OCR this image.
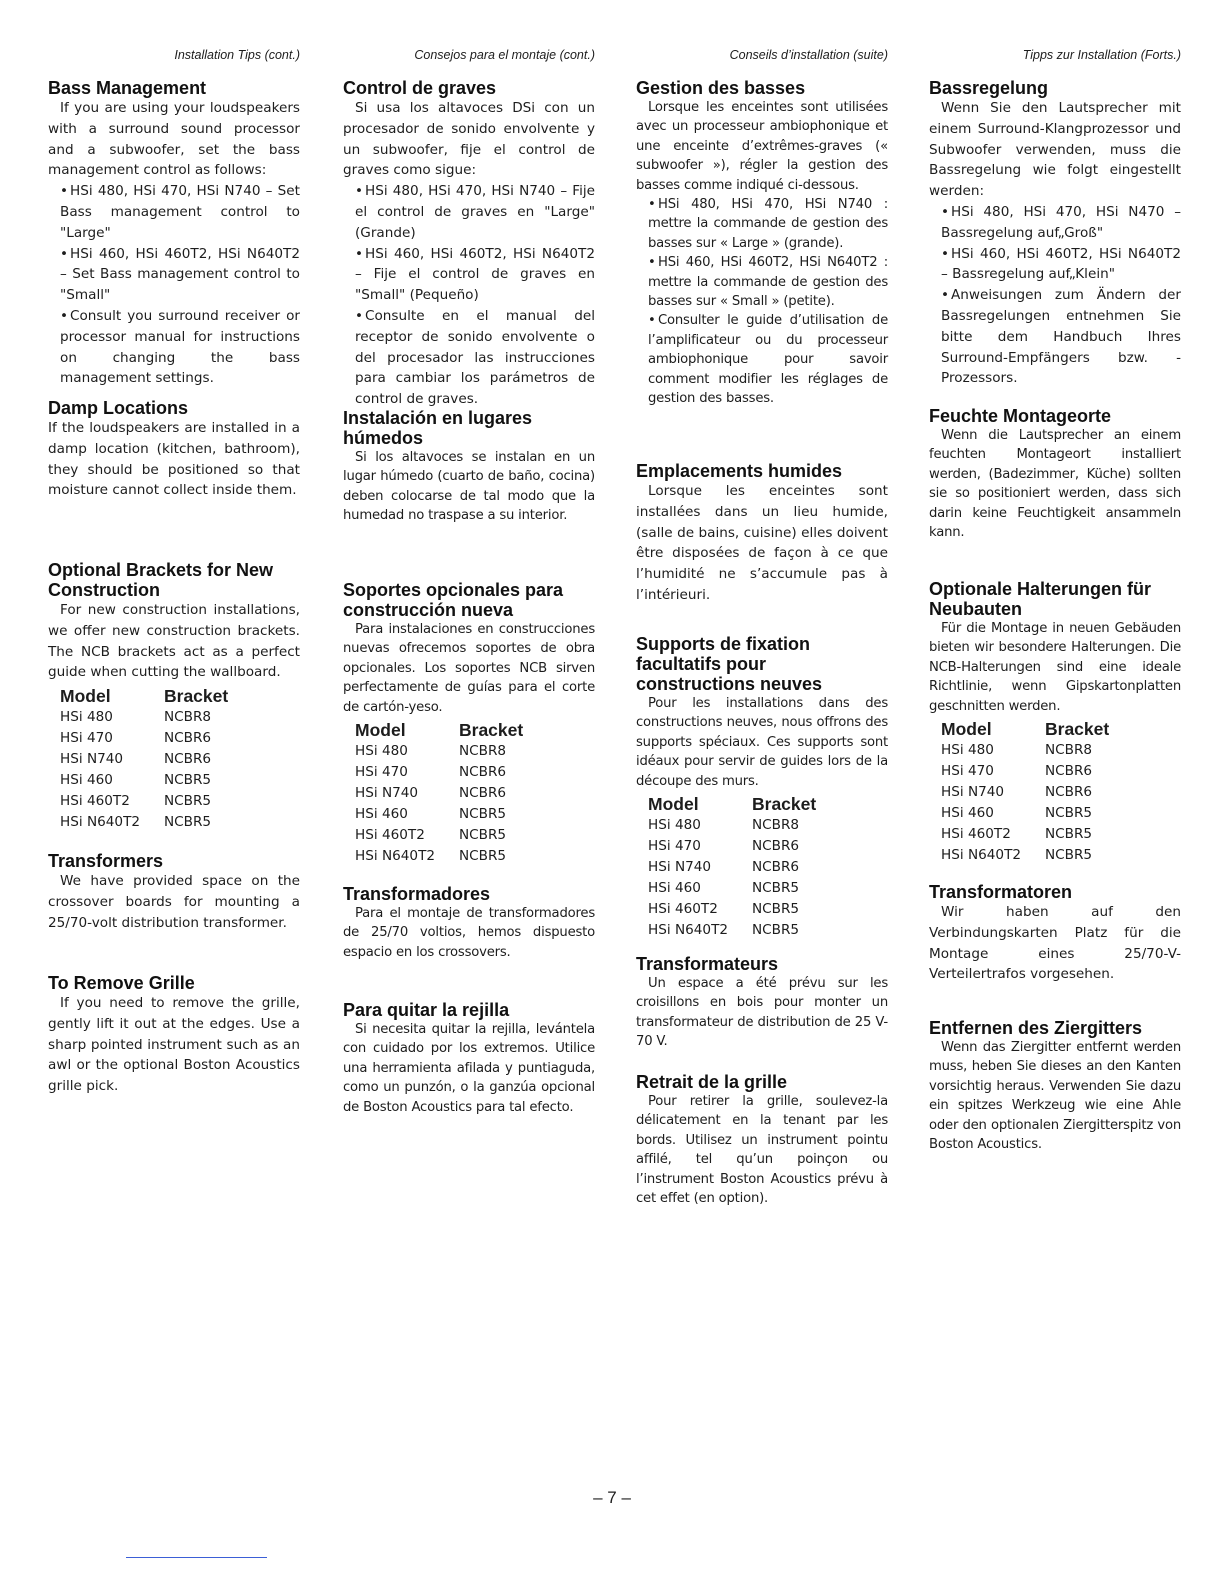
Installation Tips (cont.)
Bass Management

If you are using your loudspeakers with a surround sound processor and a subwoofer, set the bass management control as follows:

• HSi 480, HSi 470, HSi N740 – Set Bass management control to "Large"

• HSi 460, HSi 460T2, HSi N640T2 – Set Bass management control to "Small"

• Consult you surround receiver or processor manual for instructions on changing the bass management settings.

Damp Locations

If the loudspeakers are installed in a damp location (kitchen, bathroom), they should be positioned so that moisture cannot collect inside them.

Optional Brackets for New Construction

For new construction installations, we offer new construction brackets. The NCB brackets act as a perfect guide when cutting the wallboard.

Model	Bracket
HSi 480	NCBR8
HSi 470	NCBR6
HSi N740	NCBR6
HSi 460	NCBR5
HSi 460T2	NCBR5
HSi N640T2	NCBR5
Transformers

We have provided space on the crossover boards for mounting a 25/70-volt distribution transformer.

To Remove Grille

If you need to remove the grille, gently lift it out at the edges. Use a sharp pointed instrument such as an awl or the optional Boston Acoustics grille pick.

Consejos para el montaje (cont.)
Control de graves

Si usa los altavoces DSi con un procesador de sonido envolvente y un subwoofer, fije el control de graves como sigue:

• HSi 480, HSi 470, HSi N740 – Fije el control de graves en "Large" (Grande)

• HSi 460, HSi 460T2, HSi N640T2 – Fije el control de graves en "Small" (Pequeño)

• Consulte en el manual del receptor de sonido envolvente o del procesador las instrucciones para cambiar los parámetros de control de graves.

Instalación en lugares húmedos

Si los altavoces se instalan en un lugar húmedo (cuarto de baño, cocina) deben colocarse de tal modo que la humedad no traspase a su interior.

Soportes opcionales para construcción nueva

Para instalaciones en construcciones nuevas ofrecemos soportes de obra opcionales. Los soportes NCB sirven perfectamente de guías para el corte de cartón-yeso.

Model	Bracket
HSi 480	NCBR8
HSi 470	NCBR6
HSi N740	NCBR6
HSi 460	NCBR5
HSi 460T2	NCBR5
HSi N640T2	NCBR5
Transformadores

Para el montaje de transformadores de 25/70 voltios, hemos dispuesto espacio en los crossovers.

Para quitar la rejilla

Si necesita quitar la rejilla, levántela con cuidado por los extremos. Utilice una herramienta afilada y puntiaguda, como un punzón, o la ganzúa opcional de Boston Acoustics para tal efecto.

Conseils d’installation (suite)
Gestion des basses

Lorsque les enceintes sont utilisées avec un processeur ambiophonique et une enceinte d’extrêmes-graves (« subwoofer »), régler la gestion des basses comme indiqué ci-dessous.

• HSi 480, HSi 470, HSi N740 : mettre la commande de gestion des basses sur « Large » (grande).

• HSi 460, HSi 460T2, HSi N640T2 : mettre la commande de gestion des basses sur « Small » (petite).

• Consulter le guide d’utilisation de l’amplificateur ou du processeur ambiophonique pour savoir comment modifier les réglages de gestion des basses.

Emplacements humides

Lorsque les enceintes sont installées dans un lieu humide, (salle de bains, cuisine) elles doivent être disposées de façon à ce que l’humidité ne s’accumule pas à l’intérieuri.

Supports de fixation facultatifs pour constructions neuves

Pour les installations dans des constructions neuves, nous offrons des supports spéciaux. Ces supports sont idéaux pour servir de guides lors de la découpe des murs.

Model	Bracket
HSi 480	NCBR8
HSi 470	NCBR6
HSi N740	NCBR6
HSi 460	NCBR5
HSi 460T2	NCBR5
HSi N640T2	NCBR5
Transformateurs

Un espace a été prévu sur les croisillons en bois pour monter un transformateur de distribution de 25 V-70 V.

Retrait de la grille

Pour retirer la grille, soulevez-la délicatement en la tenant par les bords. Utilisez un instrument pointu affilé, tel qu’un poinçon ou l’instrument Boston Acoustics prévu à cet effet (en option).

Tipps zur Installation (Forts.)
Bassregelung

Wenn Sie den Lautsprecher mit einem Surround-Klangprozessor und Subwoofer verwenden, muss die Bassregelung wie folgt eingestellt werden:

• HSi 480, HSi 470, HSi N470 – Bassregelung auf„Groß"

• HSi 460, HSi 460T2, HSi N640T2 – Bassregelung auf„Klein"

• Anweisungen zum Ändern der Bassregelungen entnehmen Sie bitte dem Handbuch Ihres Surround-Empfängers bzw. - Prozessors.

Feuchte Montageorte

Wenn die Lautsprecher an einem feuchten Montageort installiert werden, (Badezimmer, Küche) sollten sie so positioniert werden, dass sich darin keine Feuchtigkeit ansammeln kann.

Optionale Halterungen für Neubauten

Für die Montage in neuen Gebäuden bieten wir besondere Halterungen. Die NCB-Halterungen sind eine ideale Richtlinie, wenn Gipskartonplatten geschnitten werden.

Model	Bracket
HSi 480	NCBR8
HSi 470	NCBR6
HSi N740	NCBR6
HSi 460	NCBR5
HSi 460T2	NCBR5
HSi N640T2	NCBR5
Transformatoren

Wir haben auf den Verbindungskarten Platz für die Montage eines 25/70-V-Verteilertrafos vorgesehen.

Entfernen des Ziergitters

Wenn das Ziergitter entfernt werden muss, heben Sie dieses an den Kanten vorsichtig heraus. Verwenden Sie dazu ein spitzes Werkzeug wie eine Ahle oder den optionalen Ziergitterspitz von Boston Acoustics.

– 7 –
